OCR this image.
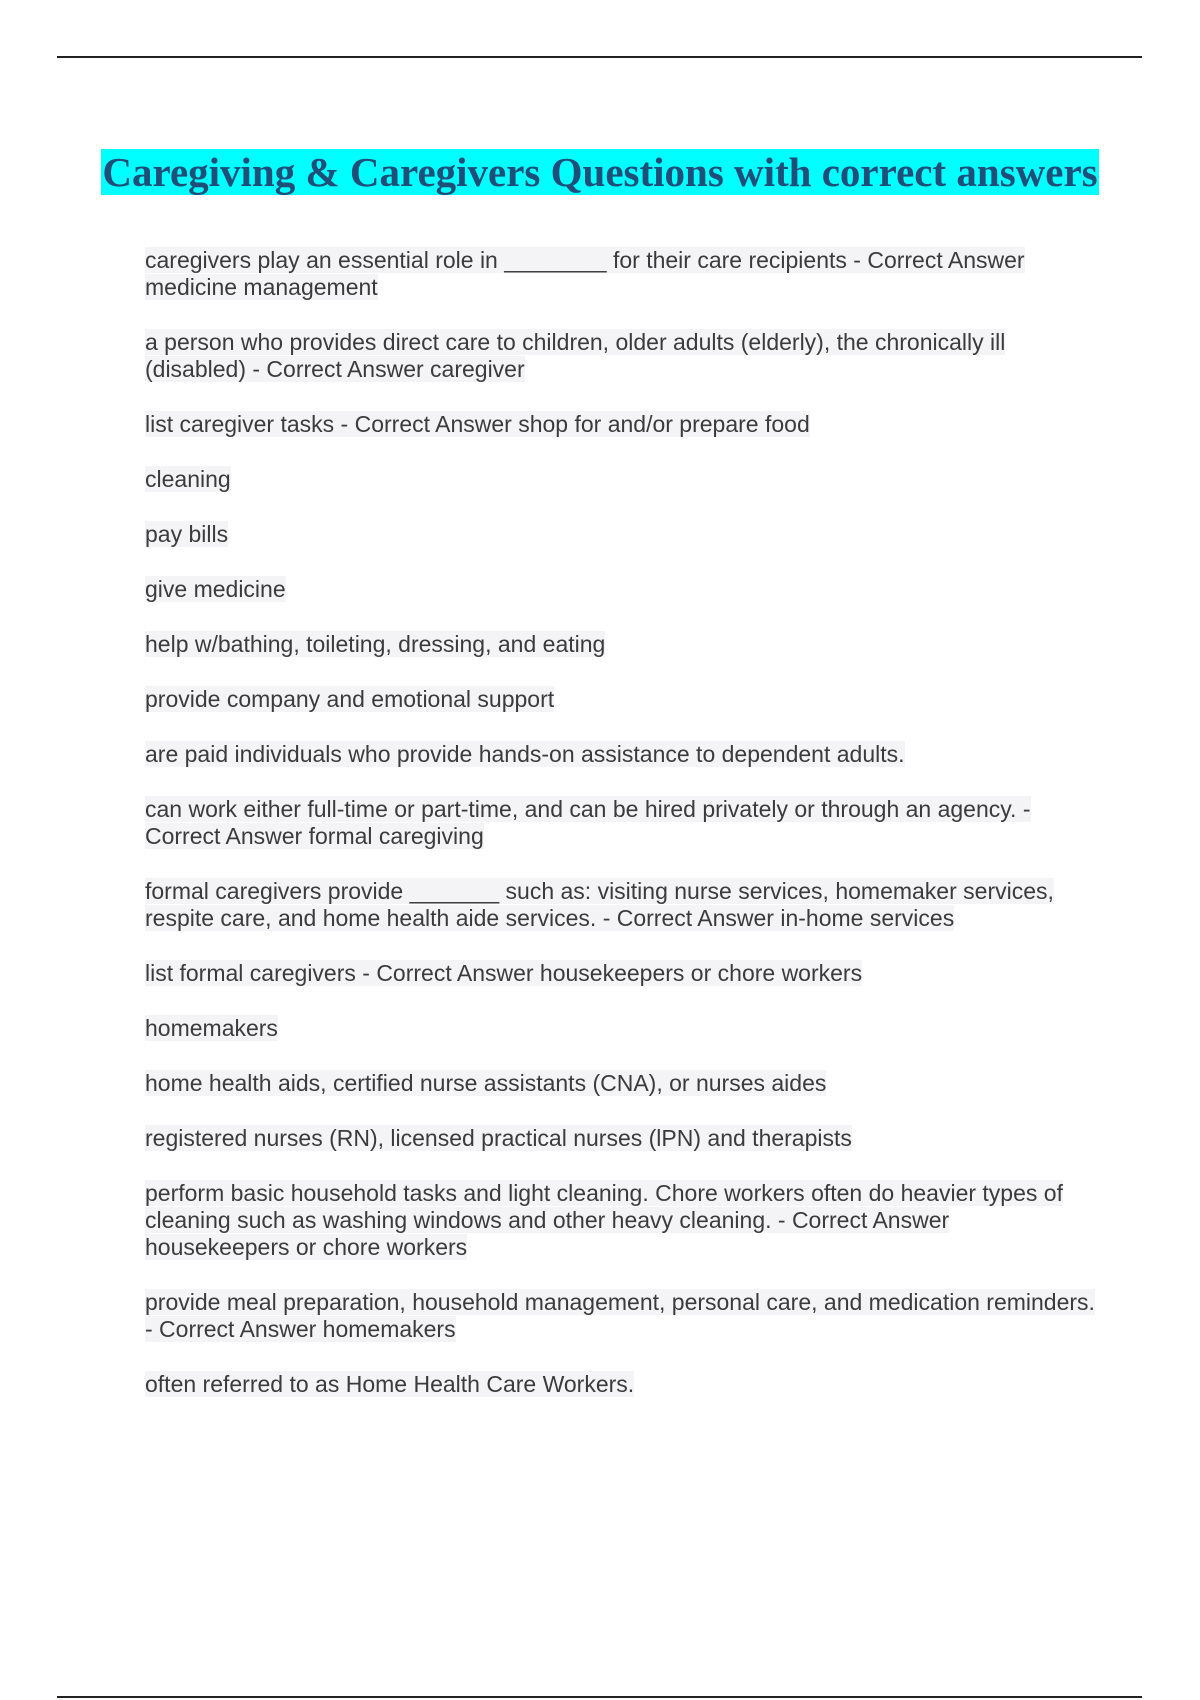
Caregiving & Caregivers Questions with correct answers

caregivers play an essential role in ________ for their care recipients - Correct Answer medicine management

a person who provides direct care to children, older adults (elderly), the chronically ill (disabled) - Correct Answer caregiver

list caregiver tasks - Correct Answer shop for and/or prepare food

cleaning

pay bills

give medicine

help w/bathing, toileting, dressing, and eating

provide company and emotional support

are paid individuals who provide hands-on assistance to dependent adults.

can work either full-time or part-time, and can be hired privately or through an agency. - Correct Answer formal caregiving

formal caregivers provide _______ such as: visiting nurse services, homemaker services, respite care, and home health aide services. - Correct Answer in-home services

list formal caregivers - Correct Answer housekeepers or chore workers

homemakers

home health aids, certified nurse assistants (CNA), or nurses aides

registered nurses (RN), licensed practical nurses (lPN) and therapists

perform basic household tasks and light cleaning. Chore workers often do heavier types of cleaning such as washing windows and other heavy cleaning. - Correct Answer housekeepers or chore workers

provide meal preparation, household management, personal care, and medication reminders. - Correct Answer homemakers

often referred to as Home Health Care Workers.
